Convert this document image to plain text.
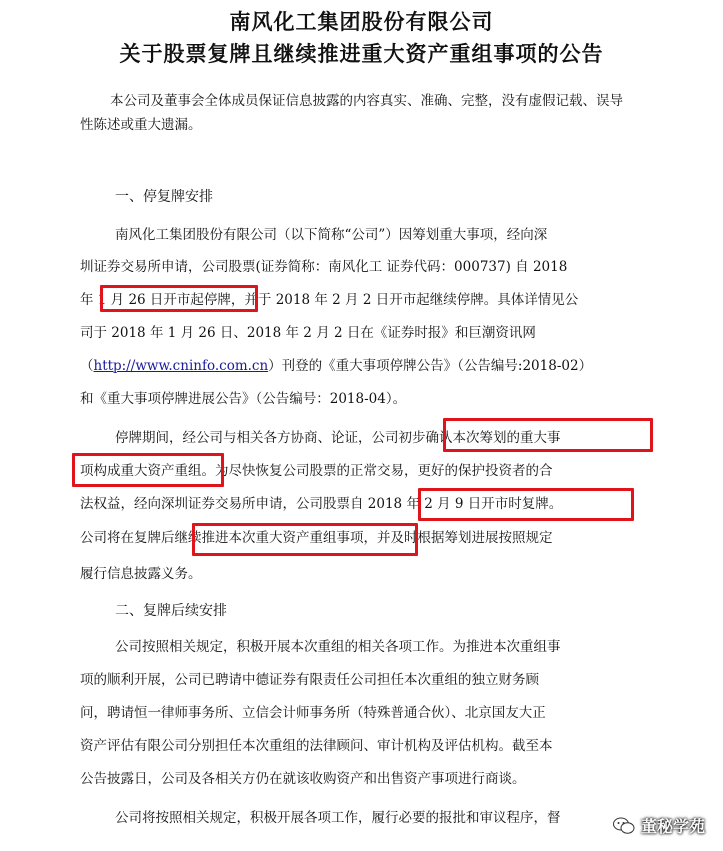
南风化工集团股份有限公司
关于股票复牌且继续推进重大资产重组事项的公告
本公司及董事会全体成员保证信息披露的内容真实、准确、完整，没有虚假记载、误导
性陈述或重大遗漏。
一、停复牌安排
南风化工集团股份有限公司（以下简称“公司”）因筹划重大事项，经向深
圳证券交易所申请，公司股票(证券简称：南风化工 证券代码：000737) 自 2018
年 1 月 26 日开市起停牌，并于 2018 年 2 月 2 日开市起继续停牌。具体详情见公
司于 2018 年 1 月 26 日、2018 年 2 月 2 日在《证券时报》和巨潮资讯网
（http://www.cninfo.com.cn）刊登的《重大事项停牌公告》（公告编号:2018-02）
和《重大事项停牌进展公告》（公告编号：2018-04）。
停牌期间，经公司与相关各方协商、论证，公司初步确认本次筹划的重大事
项构成重大资产重组。为尽快恢复公司股票的正常交易，更好的保护投资者的合
法权益，经向深圳证券交易所申请，公司股票自 2018 年 2 月 9 日开市时复牌。
公司将在复牌后继续推进本次重大资产重组事项，并及时根据筹划进展按照规定
履行信息披露义务。
二、复牌后续安排
公司按照相关规定，积极开展本次重组的相关各项工作。为推进本次重组事
项的顺利开展，公司已聘请中德证券有限责任公司担任本次重组的独立财务顾
问，聘请恒一律师事务所、立信会计师事务所（特殊普通合伙）、北京国友大正
资产评估有限公司分别担任本次重组的法律顾问、审计机构及评估机构。截至本
公告披露日，公司及各相关方仍在就该收购资产和出售资产事项进行商谈。
公司将按照相关规定，积极开展各项工作，履行必要的报批和审议程序，督	董秘学苑
